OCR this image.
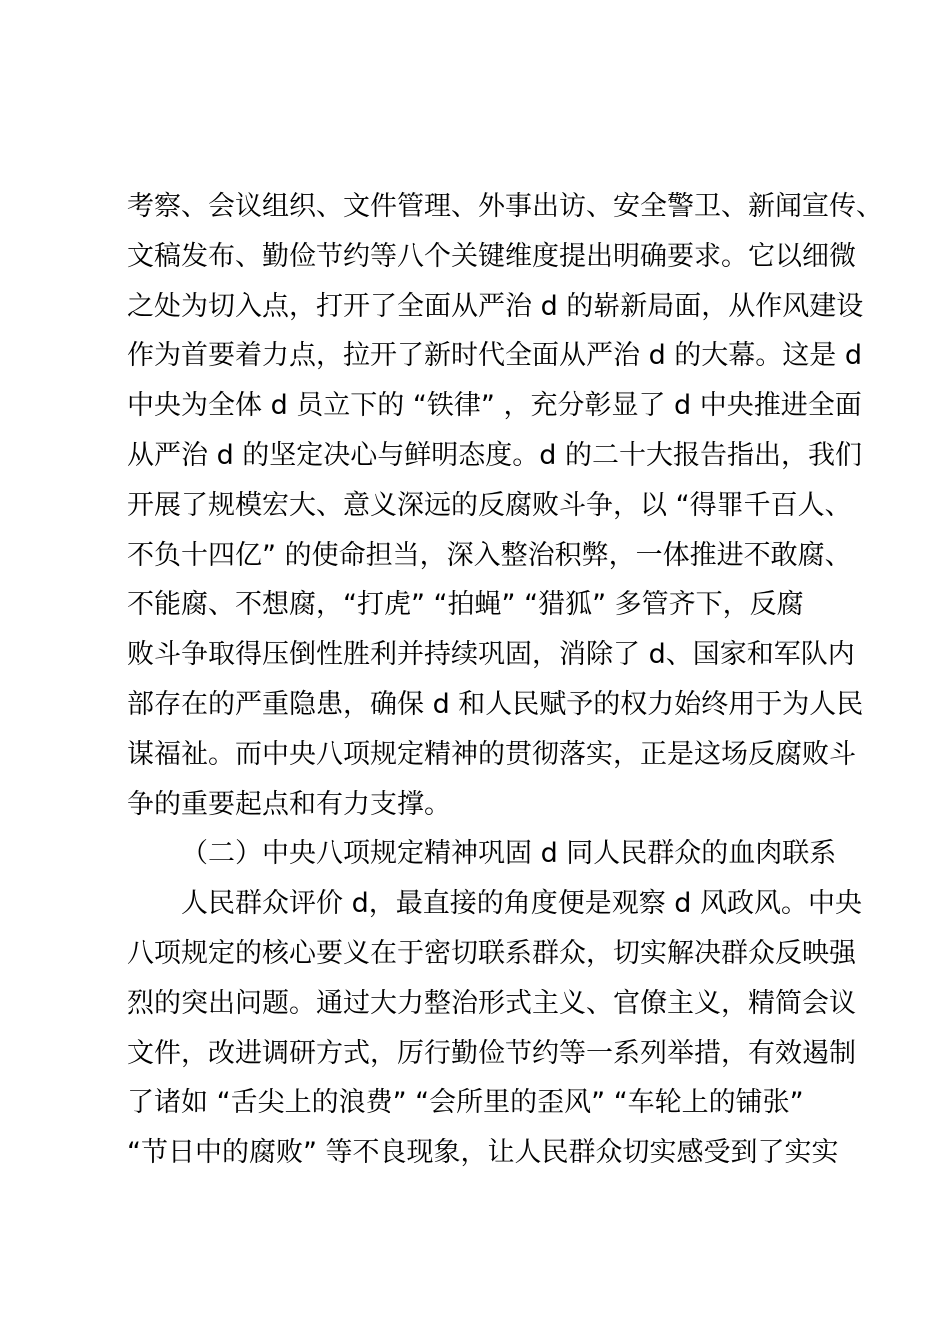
考察、会议组织、文件管理、外事出访、安全警卫、新闻宣传、
文稿发布、勤俭节约等八个关键维度提出明确要求。它以细微
之处为切入点，打开了全面从严治 d 的崭新局面，从作风建设
作为首要着力点，拉开了新时代全面从严治 d 的大幕。这是 d
中央为全体 d 员立下的 “铁律” ，充分彰显了 d 中央推进全面
从严治 d 的坚定决心与鲜明态度。d 的二十大报告指出，我们
开展了规模宏大、意义深远的反腐败斗争，以 “得罪千百人、
不负十四亿” 的使命担当，深入整治积弊，一体推进不敢腐、
不能腐、不想腐，“打虎” “拍蝇” “猎狐” 多管齐下，反腐
败斗争取得压倒性胜利并持续巩固，消除了 d、国家和军队内
部存在的严重隐患，确保 d 和人民赋予的权力始终用于为人民
谋福祉。而中央八项规定精神的贯彻落实，正是这场反腐败斗
争的重要起点和有力支撑。
（二）中央八项规定精神巩固 d 同人民群众的血肉联系
人民群众评价 d，最直接的角度便是观察 d 风政风。中央
八项规定的核心要义在于密切联系群众，切实解决群众反映强
烈的突出问题。通过大力整治形式主义、官僚主义，精简会议
文件，改进调研方式，厉行勤俭节约等一系列举措，有效遏制
了诸如 “舌尖上的浪费” “会所里的歪风” “车轮上的铺张”
“节日中的腐败” 等不良现象，让人民群众切实感受到了实实
